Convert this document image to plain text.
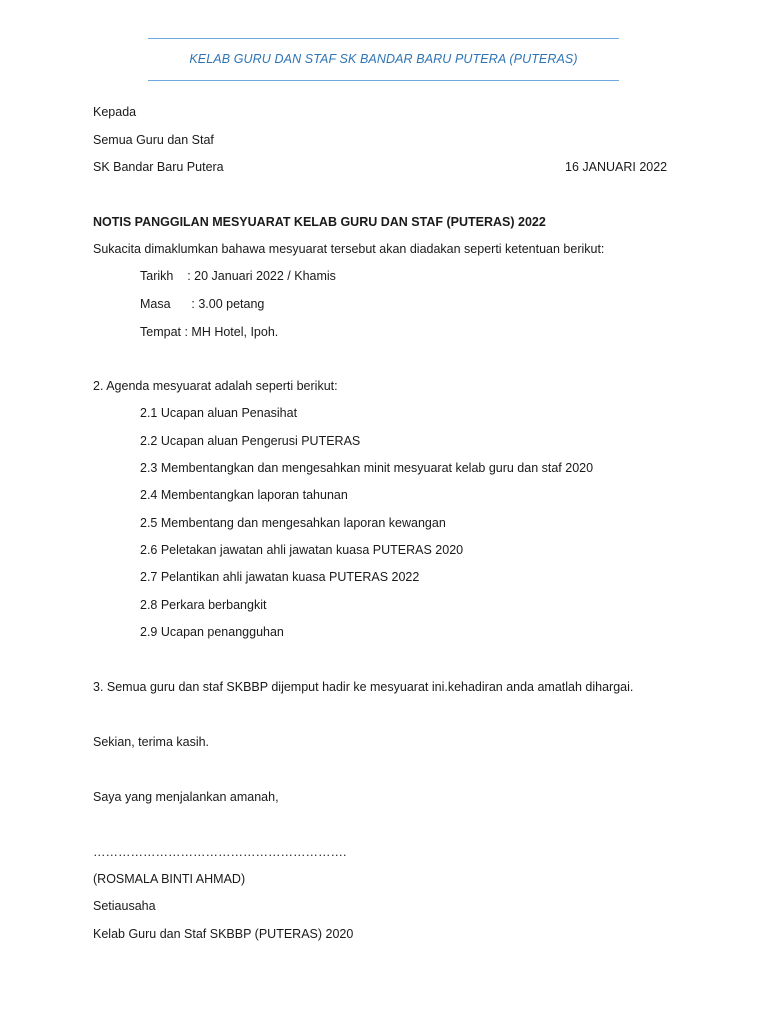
KELAB GURU DAN STAF SK BANDAR BARU PUTERA (PUTERAS)
Kepada
Semua Guru dan Staf
SK Bandar Baru Putera	16 JANUARI 2022
NOTIS PANGGILAN MESYUARAT KELAB GURU DAN STAF (PUTERAS) 2022
Sukacita dimaklumkan bahawa mesyuarat tersebut akan diadakan seperti ketentuan berikut:
Tarikh    : 20 Januari 2022 / Khamis
Masa      : 3.00 petang
Tempat : MH Hotel, Ipoh.
2. Agenda mesyuarat adalah seperti berikut:
2.1 Ucapan aluan Penasihat
2.2 Ucapan aluan Pengerusi PUTERAS
2.3 Membentangkan dan mengesahkan minit mesyuarat kelab guru dan staf 2020
2.4 Membentangkan laporan tahunan
2.5 Membentang dan mengesahkan laporan kewangan
2.6 Peletakan jawatan ahli jawatan kuasa PUTERAS 2020
2.7 Pelantikan ahli jawatan kuasa PUTERAS 2022
2.8 Perkara berbangkit
2.9 Ucapan penangguhan
3. Semua guru dan staf SKBBP dijemput hadir ke mesyuarat ini.kehadiran anda amatlah dihargai.
Sekian, terima kasih.
Saya yang menjalankan amanah,
…………………………………………………….
(ROSMALA BINTI AHMAD)
Setiausaha
Kelab Guru dan Staf SKBBP (PUTERAS) 2020
